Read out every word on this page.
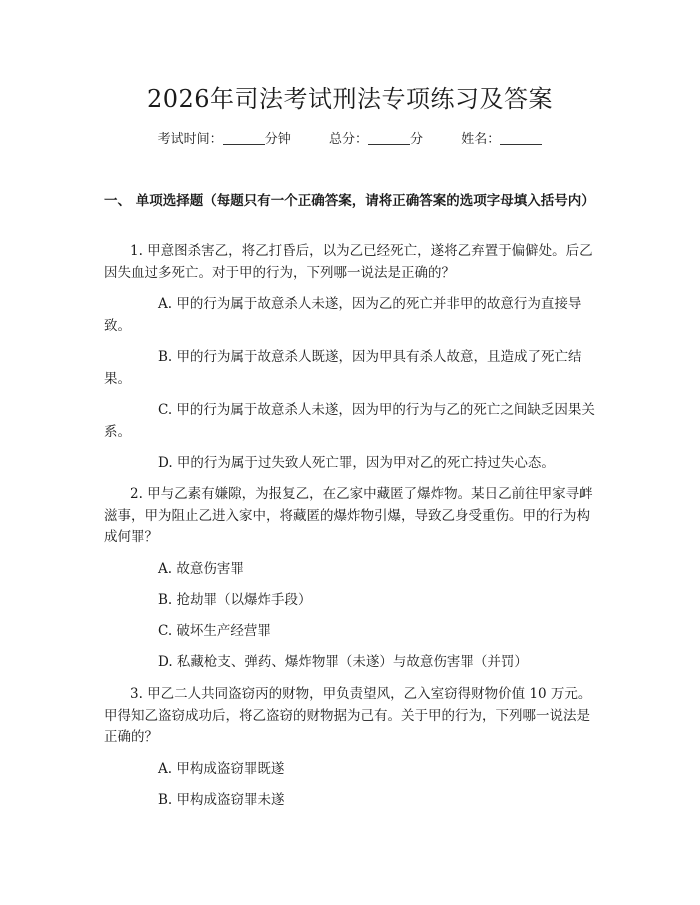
2026年司法考试刑法专项练习及答案
考试时间：	分钟	总分：	分	姓名：
一、 单项选择题（每题只有一个正确答案，请将正确答案的选项字母填入括号内）
1. 甲意图杀害乙，将乙打昏后，以为乙已经死亡，遂将乙弃置于偏僻处。后乙因失血过多死亡。对于甲的行为，下列哪一说法是正确的？
A. 甲的行为属于故意杀人未遂，因为乙的死亡并非甲的故意行为直接导致。
B. 甲的行为属于故意杀人既遂，因为甲具有杀人故意，且造成了死亡结果。
C. 甲的行为属于故意杀人未遂，因为甲的行为与乙的死亡之间缺乏因果关系。
D. 甲的行为属于过失致人死亡罪，因为甲对乙的死亡持过失心态。
2. 甲与乙素有嫌隙，为报复乙，在乙家中藏匿了爆炸物。某日乙前往甲家寻衅滋事，甲为阻止乙进入家中，将藏匿的爆炸物引爆，导致乙身受重伤。甲的行为构成何罪？
A. 故意伤害罪
B. 抢劫罪（以爆炸手段）
C. 破坏生产经营罪
D. 私藏枪支、弹药、爆炸物罪（未遂）与故意伤害罪（并罚）
3. 甲乙二人共同盗窃丙的财物，甲负责望风，乙入室窃得财物价值 10 万元。甲得知乙盗窃成功后，将乙盗窃的财物据为己有。关于甲的行为，下列哪一说法是正确的？
A. 甲构成盗窃罪既遂
B. 甲构成盗窃罪未遂
